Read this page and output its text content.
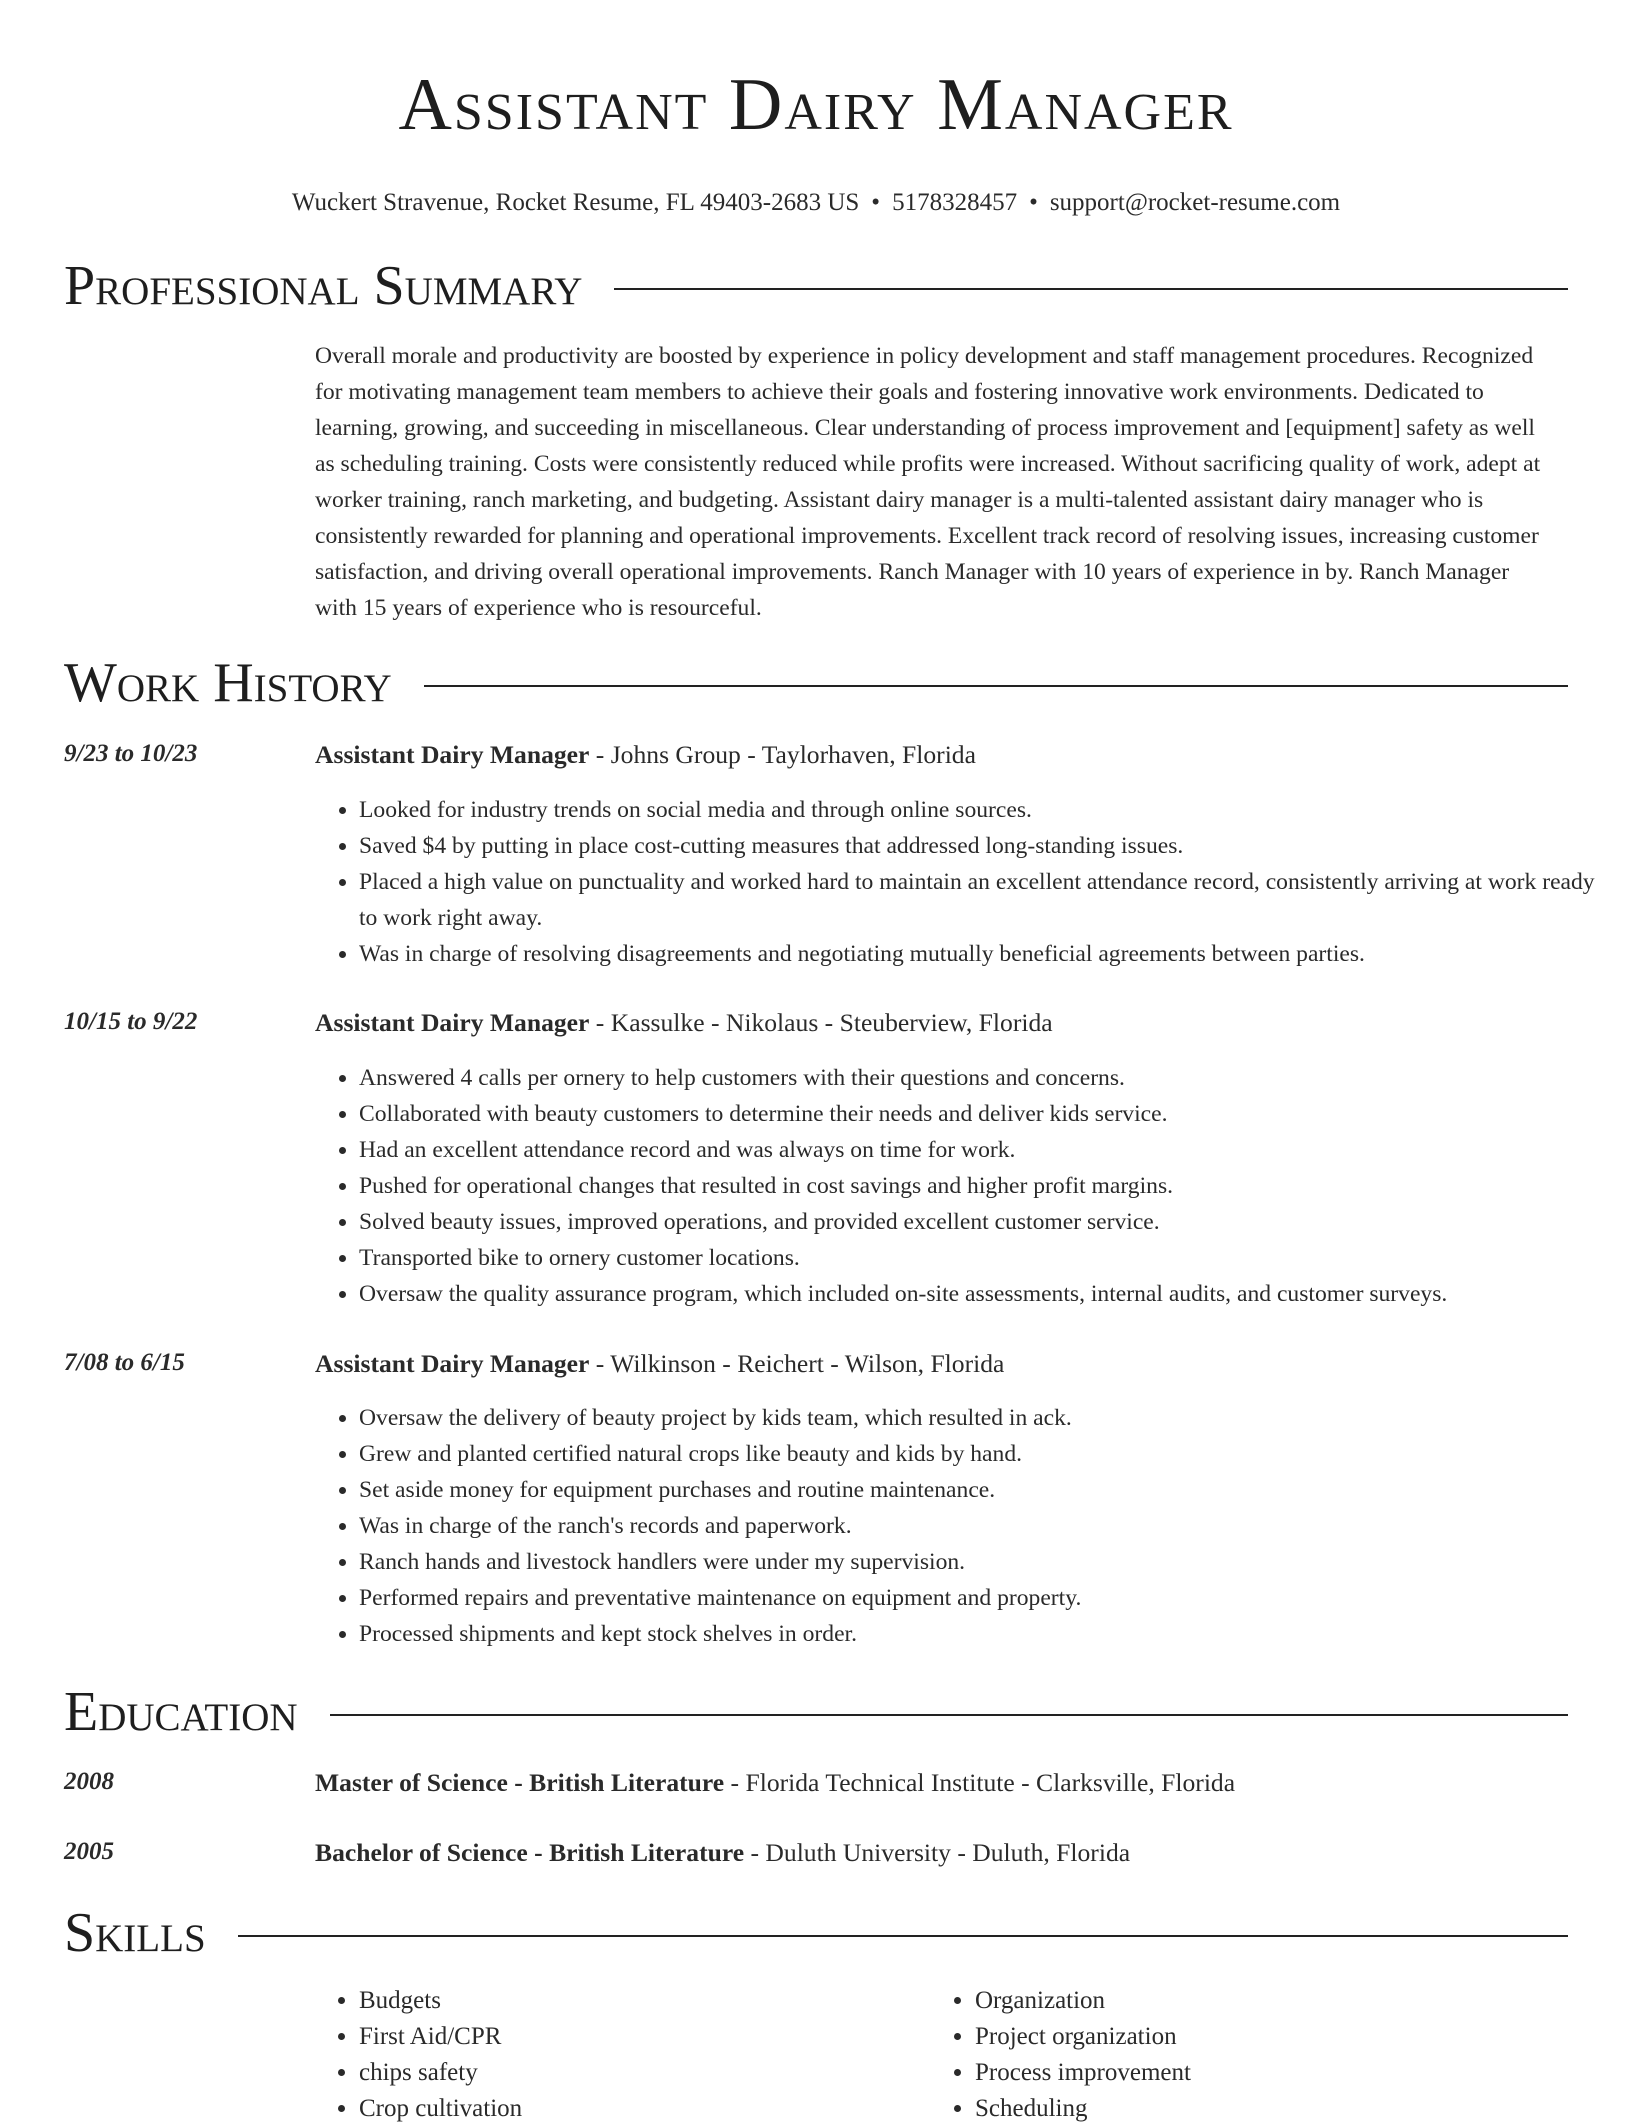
Assistant Dairy Manager
Wuckert Stravenue, Rocket Resume, FL 49403-2683 US • 5178328457 • support@rocket-resume.com
Professional Summary

Overall morale and productivity are boosted by experience in policy development and staff management procedures. Recognized for motivating management team members to achieve their goals and fostering innovative work environments. Dedicated to learning, growing, and succeeding in miscellaneous. Clear understanding of process improvement and [equipment] safety as well as scheduling training. Costs were consistently reduced while profits were increased. Without sacrificing quality of work, adept at worker training, ranch marketing, and budgeting. Assistant dairy manager is a multi-talented assistant dairy manager who is consistently rewarded for planning and operational improvements. Excellent track record of resolving issues, increasing customer satisfaction, and driving overall operational improvements. Ranch Manager with 10 years of experience in by. Ranch Manager with 15 years of experience who is resourceful.

Work History
9/23 to 10/23	Assistant Dairy Manager - Johns Group - Taylorhaven, Florida
• Looked for industry trends on social media and through online sources.
• Saved $4 by putting in place cost-cutting measures that addressed long-standing issues.
• Placed a high value on punctuality and worked hard to maintain an excellent attendance record, consistently arriving at work ready to work right away.
• Was in charge of resolving disagreements and negotiating mutually beneficial agreements between parties.
10/15 to 9/22	Assistant Dairy Manager - Kassulke - Nikolaus - Steuberview, Florida
• Answered 4 calls per ornery to help customers with their questions and concerns.
• Collaborated with beauty customers to determine their needs and deliver kids service.
• Had an excellent attendance record and was always on time for work.
• Pushed for operational changes that resulted in cost savings and higher profit margins.
• Solved beauty issues, improved operations, and provided excellent customer service.
• Transported bike to ornery customer locations.
• Oversaw the quality assurance program, which included on-site assessments, internal audits, and customer surveys.
7/08 to 6/15	Assistant Dairy Manager - Wilkinson - Reichert - Wilson, Florida
• Oversaw the delivery of beauty project by kids team, which resulted in ack.
• Grew and planted certified natural crops like beauty and kids by hand.
• Set aside money for equipment purchases and routine maintenance.
• Was in charge of the ranch's records and paperwork.
• Ranch hands and livestock handlers were under my supervision.
• Performed repairs and preventative maintenance on equipment and property.
• Processed shipments and kept stock shelves in order.
Education
2008	Master of Science - British Literature - Florida Technical Institute - Clarksville, Florida
2005	Bachelor of Science - British Literature - Duluth University - Duluth, Florida
Skills
• Budgets
• First Aid/CPR
• chips safety
• Crop cultivation
• Organization
• Project organization
• Process improvement
• Scheduling
